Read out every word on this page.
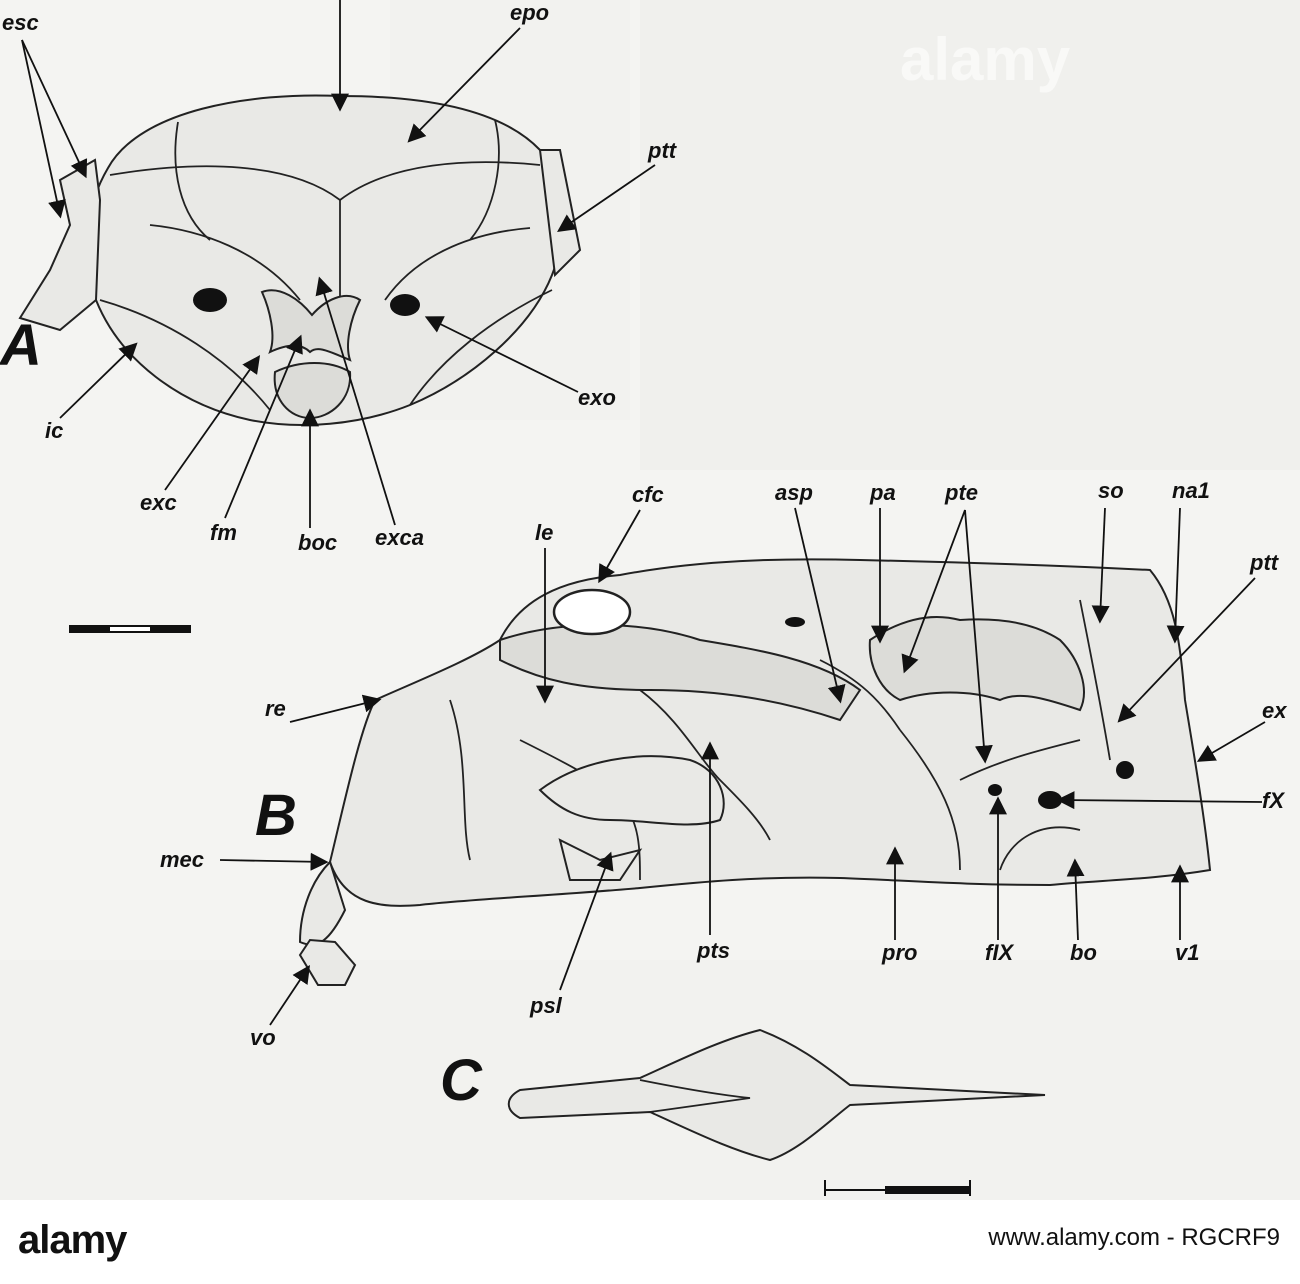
A
esc	epo
ptt
ic
exc
fm	boc exca
exo
B
cfc
le
re
mec
vo
psl
pts
asp	pa pte	so na1
ptt
ex
fX
pro	fIX	bo	v1
C
alamy
alamy	www.alamy.com - RGCRF9
